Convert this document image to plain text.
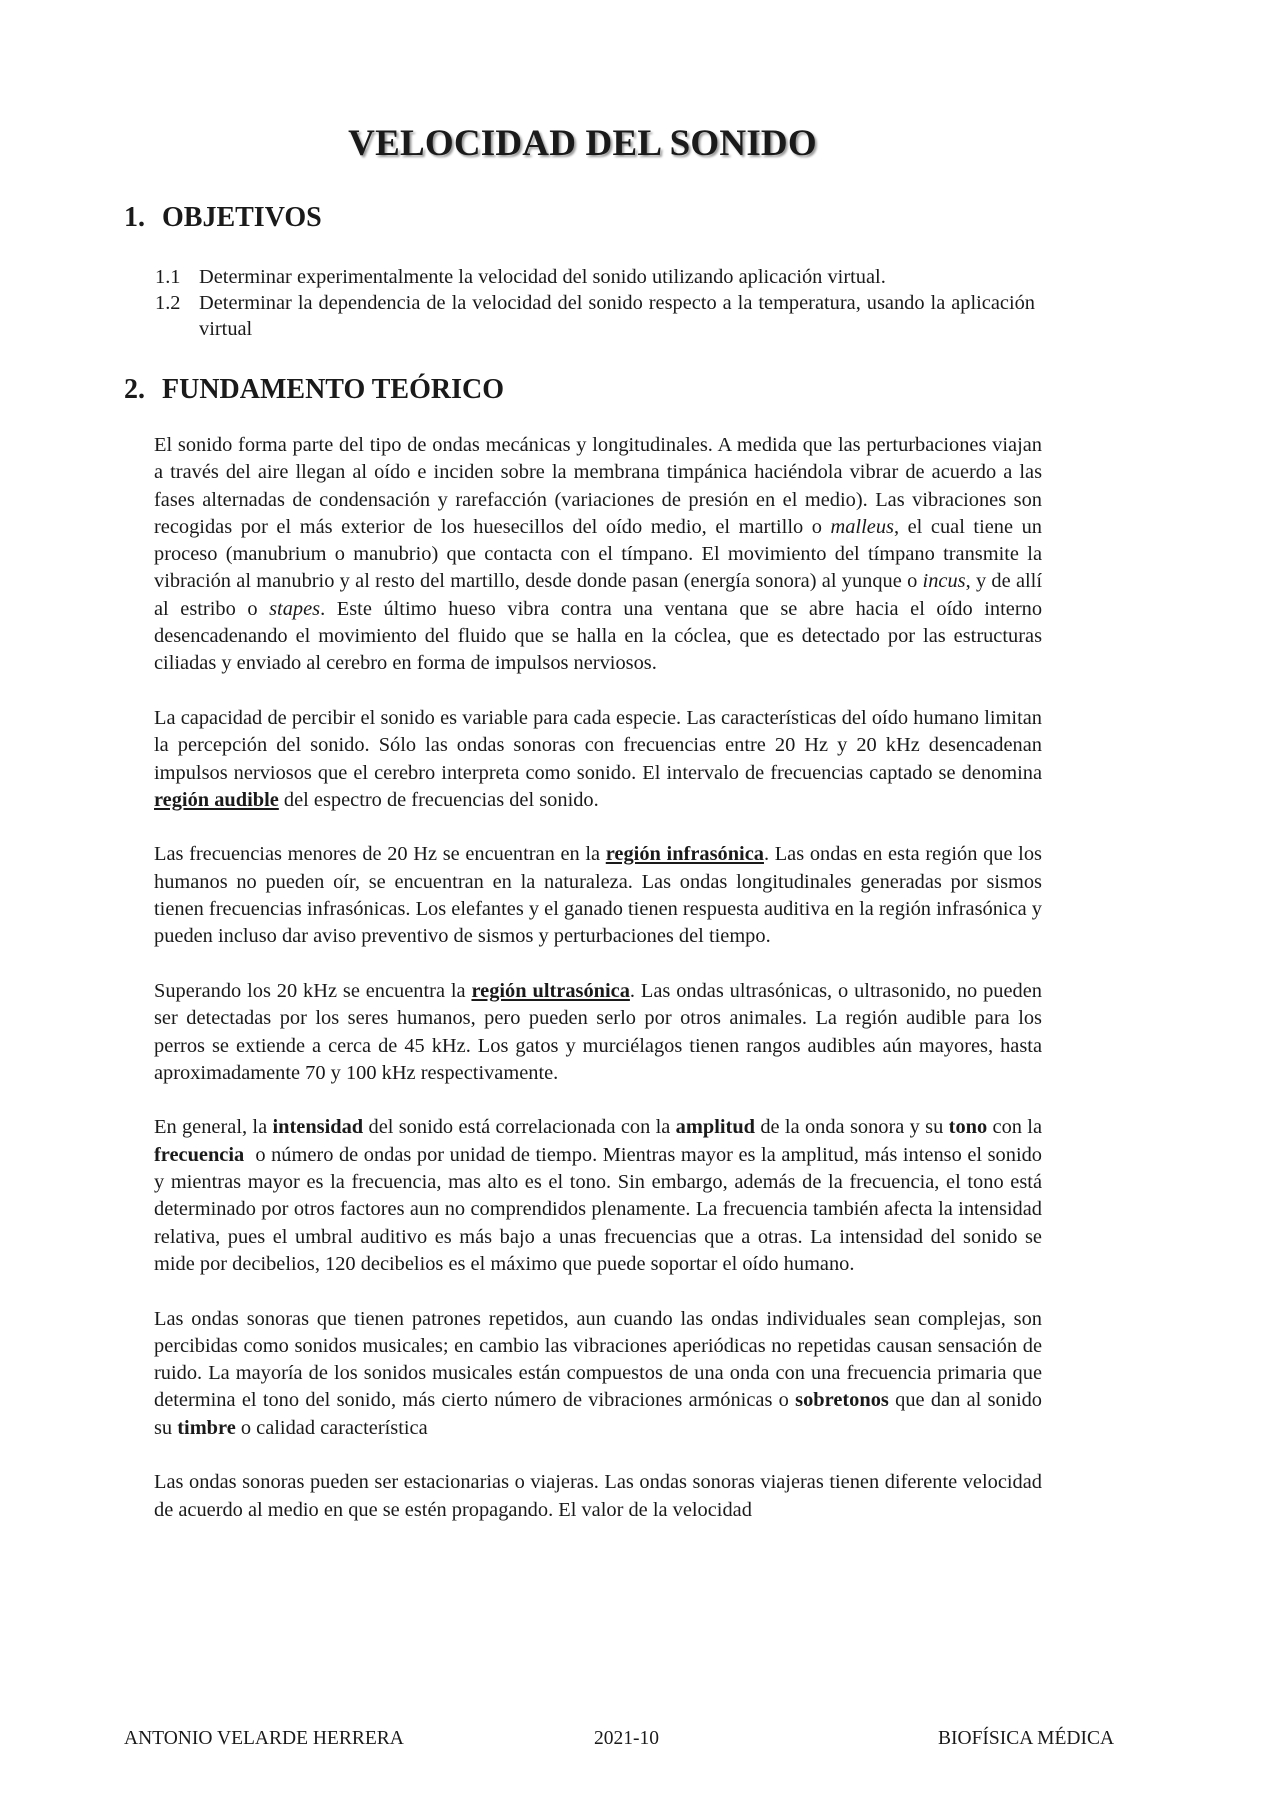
VELOCIDAD DEL SONIDO
1. OBJETIVOS
1.1 Determinar experimentalmente la velocidad del sonido utilizando aplicación virtual.
1.2 Determinar la dependencia de la velocidad del sonido respecto a la temperatura, usando la aplicación virtual
2. FUNDAMENTO TEÓRICO

El sonido forma parte del tipo de ondas mecánicas y longitudinales. A medida que las perturbaciones viajan a través del aire llegan al oído e inciden sobre la membrana timpánica haciéndola vibrar de acuerdo a las fases alternadas de condensación y rarefacción (variaciones de presión en el medio). Las vibraciones son recogidas por el más exterior de los huesecillos del oído medio, el martillo o malleus, el cual tiene un proceso (manubrium o manubrio) que contacta con el tímpano. El movimiento del tímpano transmite la vibración al manubrio y al resto del martillo, desde donde pasan (energía sonora) al yunque o incus, y de allí al estribo o stapes. Este último hueso vibra contra una ventana que se abre hacia el oído interno desencadenando el movimiento del fluido que se halla en la cóclea, que es detectado por las estructuras ciliadas y enviado al cerebro en forma de impulsos nerviosos.

La capacidad de percibir el sonido es variable para cada especie. Las características del oído humano limitan la percepción del sonido. Sólo las ondas sonoras con frecuencias entre 20 Hz y 20 kHz desencadenan impulsos nerviosos que el cerebro interpreta como sonido. El intervalo de frecuencias captado se denomina región audible del espectro de frecuencias del sonido.

Las frecuencias menores de 20 Hz se encuentran en la región infrasónica. Las ondas en esta región que los humanos no pueden oír, se encuentran en la naturaleza. Las ondas longitudinales generadas por sismos tienen frecuencias infrasónicas. Los elefantes y el ganado tienen respuesta auditiva en la región infrasónica y pueden incluso dar aviso preventivo de sismos y perturbaciones del tiempo.

Superando los 20 kHz se encuentra la región ultrasónica. Las ondas ultrasónicas, o ultrasonido, no pueden ser detectadas por los seres humanos, pero pueden serlo por otros animales. La región audible para los perros se extiende a cerca de 45 kHz. Los gatos y murciélagos tienen rangos audibles aún mayores, hasta aproximadamente 70 y 100 kHz respectivamente.

En general, la intensidad del sonido está correlacionada con la amplitud de la onda sonora y su tono con la frecuencia  o número de ondas por unidad de tiempo. Mientras mayor es la amplitud, más intenso el sonido y mientras mayor es la frecuencia, mas alto es el tono. Sin embargo, además de la frecuencia, el tono está determinado por otros factores aun no comprendidos plenamente. La frecuencia también afecta la intensidad relativa, pues el umbral auditivo es más bajo a unas frecuencias que a otras. La intensidad del sonido se mide por decibelios, 120 decibelios es el máximo que puede soportar el oído humano.

Las ondas sonoras que tienen patrones repetidos, aun cuando las ondas individuales sean complejas, son percibidas como sonidos musicales; en cambio las vibraciones aperiódicas no repetidas causan sensación de ruido. La mayoría de los sonidos musicales están compuestos de una onda con una frecuencia primaria que determina el tono del sonido, más cierto número de vibraciones armónicas o sobretonos que dan al sonido su timbre o calidad característica

Las ondas sonoras pueden ser estacionarias o viajeras. Las ondas sonoras viajeras tienen diferente velocidad de acuerdo al medio en que se estén propagando. El valor de la velocidad

ANTONIO VELARDE HERRERA	2021-10	BIOFÍSICA MÉDICA
